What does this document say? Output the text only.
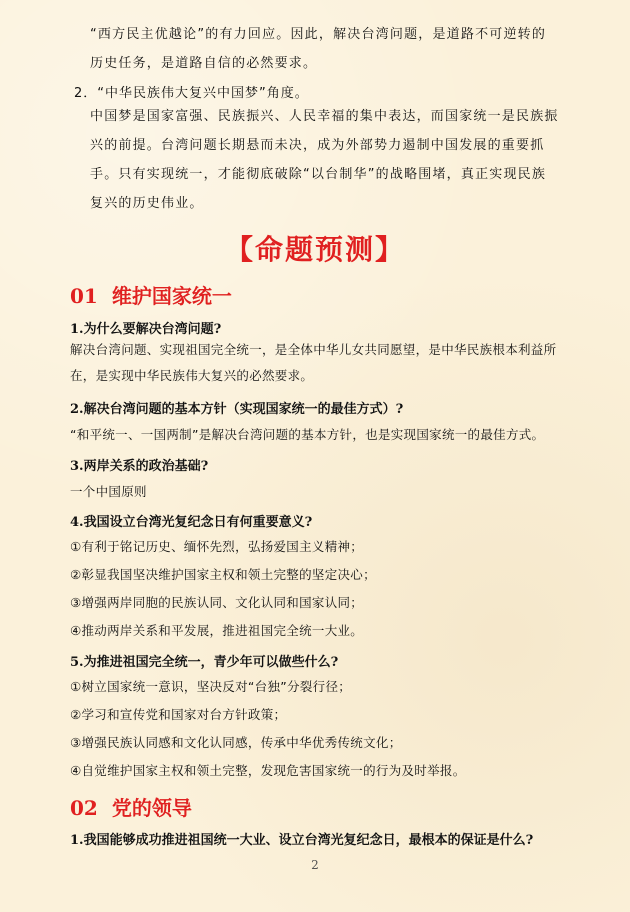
“西方民主优越论”的有力回应。因此，解决台湾问题，是道路不可逆转的历史任务，是道路自信的必然要求。
2．“中华民族伟大复兴中国梦”角度。
中国梦是国家富强、民族振兴、人民幸福的集中表达，而国家统一是民族振兴的前提。台湾问题长期悬而未决，成为外部势力遏制中国发展的重要抓手。只有实现统一，才能彻底破除“以台制华”的战略围堵，真正实现民族复兴的历史伟业。
【命题预测】
01 维护国家统一
1.为什么要解决台湾问题?
解决台湾问题、实现祖国完全统一，是全体中华儿女共同愿望，是中华民族根本利益所在，是实现中华民族伟大复兴的必然要求。
2.解决台湾问题的基本方针（实现国家统一的最佳方式）?
“和平统一、一国两制”是解决台湾问题的基本方针，也是实现国家统一的最佳方式。
3.两岸关系的政治基础?
一个中国原则
4.我国设立台湾光复纪念日有何重要意义?
①有利于铭记历史、缅怀先烈，弘扬爱国主义精神；
②彰显我国坚决维护国家主权和领土完整的坚定决心；
③增强两岸同胞的民族认同、文化认同和国家认同；
④推动两岸关系和平发展，推进祖国完全统一大业。
5.为推进祖国完全统一，青少年可以做些什么?
①树立国家统一意识，坚决反对“台独”分裂行径；
②学习和宣传党和国家对台方针政策；
③增强民族认同感和文化认同感，传承中华优秀传统文化；
④自觉维护国家主权和领土完整，发现危害国家统一的行为及时举报。
02 党的领导
1.我国能够成功推进祖国统一大业、设立台湾光复纪念日，最根本的保证是什么?
2
